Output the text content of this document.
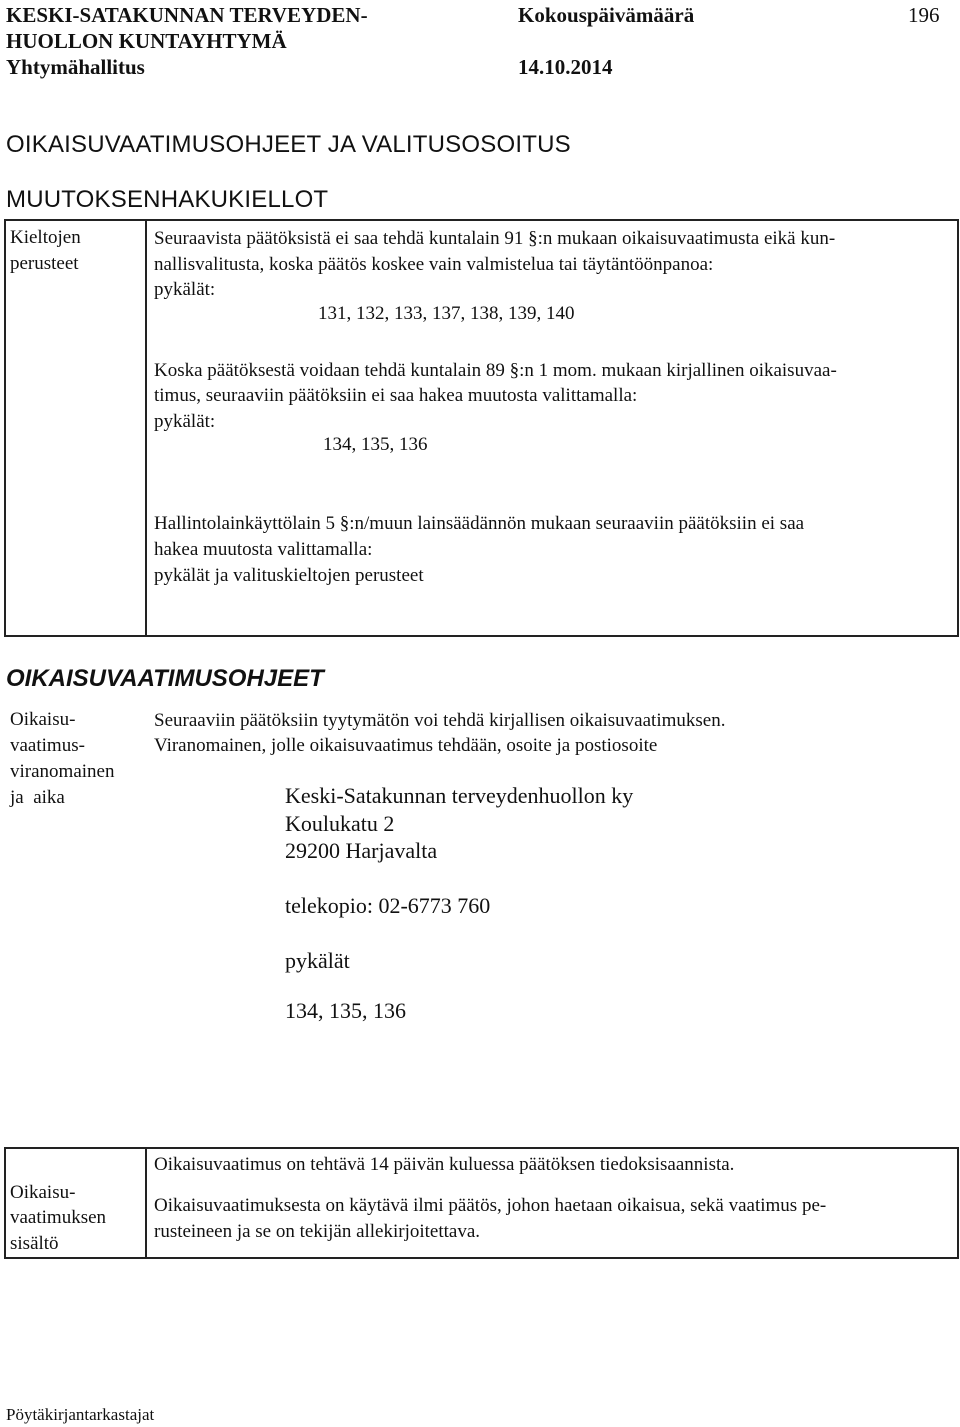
KESKI-SATAKUNNAN TERVEYDEN-
HUOLLON KUNTAYHTYMÄ
Yhtymähallitus
Kokouspäivämäärä
14.10.2014
196
OIKAISUVAATIMUSOHJEET JA VALITUSOSOITUS
MUUTOKSENHAKUKIELLOT
Kieltojen
perusteet
Seuraavista päätöksistä ei saa tehdä kuntalain 91 §:n mukaan oikaisuvaatimusta eikä kun-
nallisvalitusta, koska päätös koskee vain valmistelua tai täytäntöönpanoa:
pykälät:
131, 132, 133, 137, 138, 139, 140
Koska päätöksestä voidaan tehdä kuntalain 89 §:n 1 mom. mukaan kirjallinen oikaisuvaa-
timus, seuraaviin päätöksiin ei saa hakea muutosta valittamalla:
pykälät:
134, 135, 136
Hallintolainkäyttölain 5 §:n/muun lainsäädännön mukaan seuraaviin päätöksiin ei saa
hakea muutosta valittamalla:
pykälät ja valituskieltojen perusteet
OIKAISUVAATIMUSOHJEET
Oikaisu-
vaatimus-
viranomainen
ja  aika
Seuraaviin päätöksiin tyytymätön voi tehdä kirjallisen oikaisuvaatimuksen.
Viranomainen, jolle oikaisuvaatimus tehdään, osoite ja postiosoite
Keski-Satakunnan terveydenhuollon ky
Koulukatu 2
29200 Harjavalta
telekopio: 02-6773 760
pykälät
134, 135, 136
Oikaisu-
vaatimuksen
sisältö
Oikaisuvaatimus on tehtävä 14 päivän kuluessa päätöksen tiedoksisaannista.
Oikaisuvaatimuksesta on käytävä ilmi päätös, johon haetaan oikaisua, sekä vaatimus pe-
rusteineen ja se on tekijän allekirjoitettava.
Pöytäkirjantarkastajat
